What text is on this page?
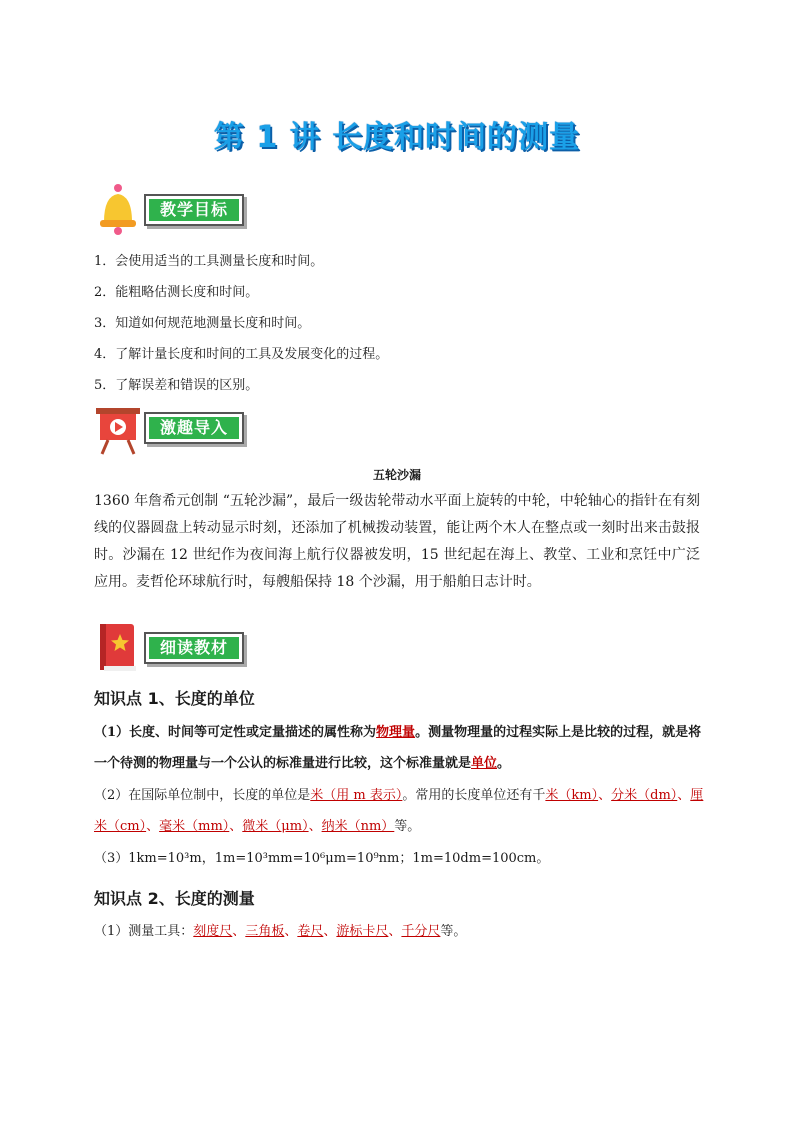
第 1 讲 长度和时间的测量
教学目标
1．会使用适当的工具测量长度和时间。
2．能粗略估测长度和时间。
3．知道如何规范地测量长度和时间。
4．了解计量长度和时间的工具及发展变化的过程。
5．了解误差和错误的区别。
激趣导入
五轮沙漏
1360 年詹希元创制 “五轮沙漏”，最后一级齿轮带动水平面上旋转的中轮，中轮轴心的指针在有刻线的仪器圆盘上转动显示时刻，还添加了机械拨动装置，能让两个木人在整点或一刻时出来击鼓报时。沙漏在 12 世纪作为夜间海上航行仪器被发明，15 世纪起在海上、教堂、工业和烹饪中广泛应用。麦哲伦环球航行时，每艘船保持 18 个沙漏，用于船舶日志计时。
细读教材
知识点 1、长度的单位
（1）长度、时间等可定性或定量描述的属性称为物理量。测量物理量的过程实际上是比较的过程，就是将一个待测的物理量与一个公认的标准量进行比较，这个标准量就是单位。
（2）在国际单位制中，长度的单位是米（用 m 表示）。常用的长度单位还有千米（km）、分米（dm）、厘米（cm）、毫米（mm）、微米（μm）、纳米（nm）等。
（3）1km=10³m，1m=10³mm=10⁶μm=10⁹nm；1m=10dm=100cm。
知识点 2、长度的测量
（1）测量工具：刻度尺、三角板、卷尺、游标卡尺、千分尺等。
